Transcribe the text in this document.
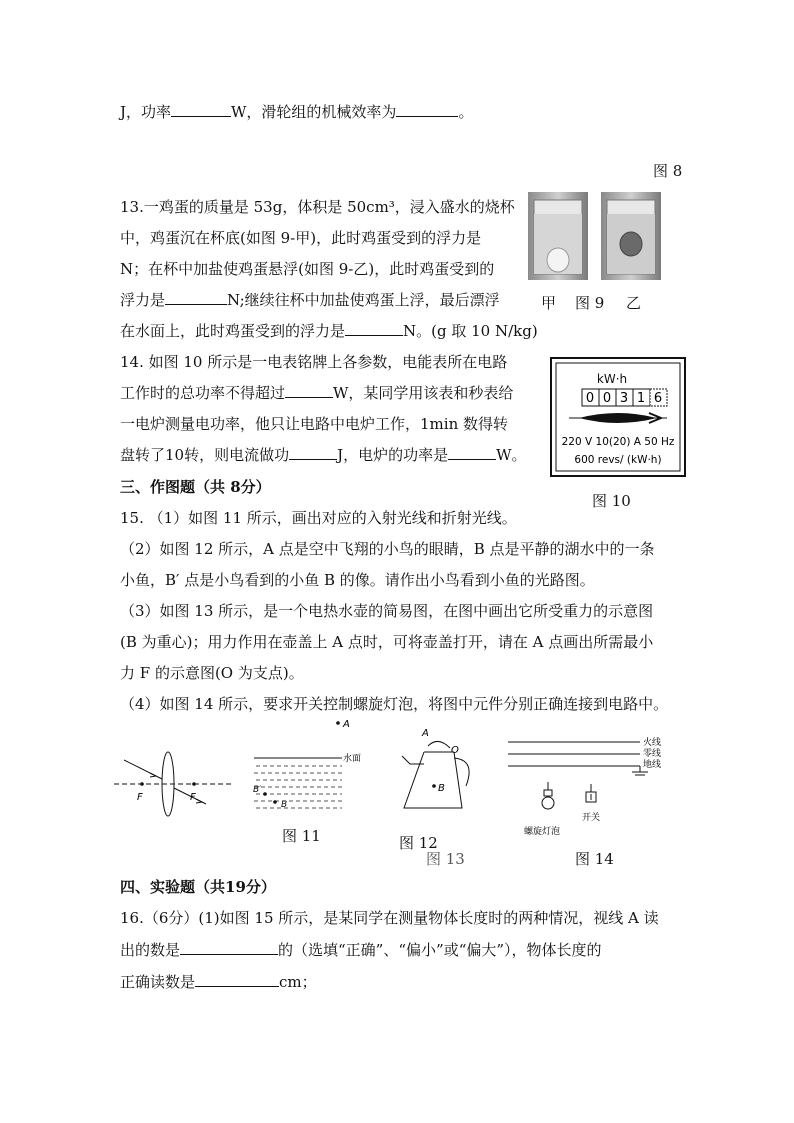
J，功率	W，滑轮组的机械效率为	。
图 8
13.一鸡蛋的质量是 53g，体积是 50cm³，浸入盛水的烧杯
中，鸡蛋沉在杯底(如图 9-甲)，此时鸡蛋受到的浮力是
N；在杯中加盐使鸡蛋悬浮(如图 9-乙)，此时鸡蛋受到的
浮力是	N;继续往杯中加盐使鸡蛋上浮，最后漂浮
在水面上，此时鸡蛋受到的浮力是	N。(g 取 10 N/kg)
甲 图 9 乙
14. 如图 10 所示是一电表铭牌上各参数，电能表所在电路
工作时的总功率不得超过	W，某同学用该表和秒表给
一电炉测量电功率，他只让电路中电炉工作，1min 数得转
盘转了10转，则电流做功	J，电炉的功率是	W。
kW·h
0 0 3 1 6
220 V 10(20) A 50 Hz
600 revs/ (kW·h)
图 10
三、作图题（共 8分）
15. （1）如图 11 所示，画出对应的入射光线和折射光线。
（2）如图 12 所示，A 点是空中飞翔的小鸟的眼睛，B 点是平静的湖水中的一条
小鱼，B′ 点是小鸟看到的小鱼 B 的像。请作出小鸟看到小鱼的光路图。
（3）如图 13 所示，是一个电热水壶的简易图，在图中画出它所受重力的示意图
(B 为重心)；用力作用在壶盖上 A 点时，可将壶盖打开，请在 A 点画出所需最小
力 F 的示意图(O 为支点)。
（4）如图 14 所示，要求开关控制螺旋灯泡，将图中元件分别正确连接到电路中。
F	F
图 11
A
水面
B′
B
图 12
A
O
B
图 13
火线
零线
地线
螺旋灯泡
开关
图 14
四、实验题（共19分）
16.（6分）(1)如图 15 所示，是某同学在测量物体长度时的两种情况，视线 A 读
出的数是	的（选填“正确”、“偏小”或“偏大”），物体长度的
正确读数是	cm；
